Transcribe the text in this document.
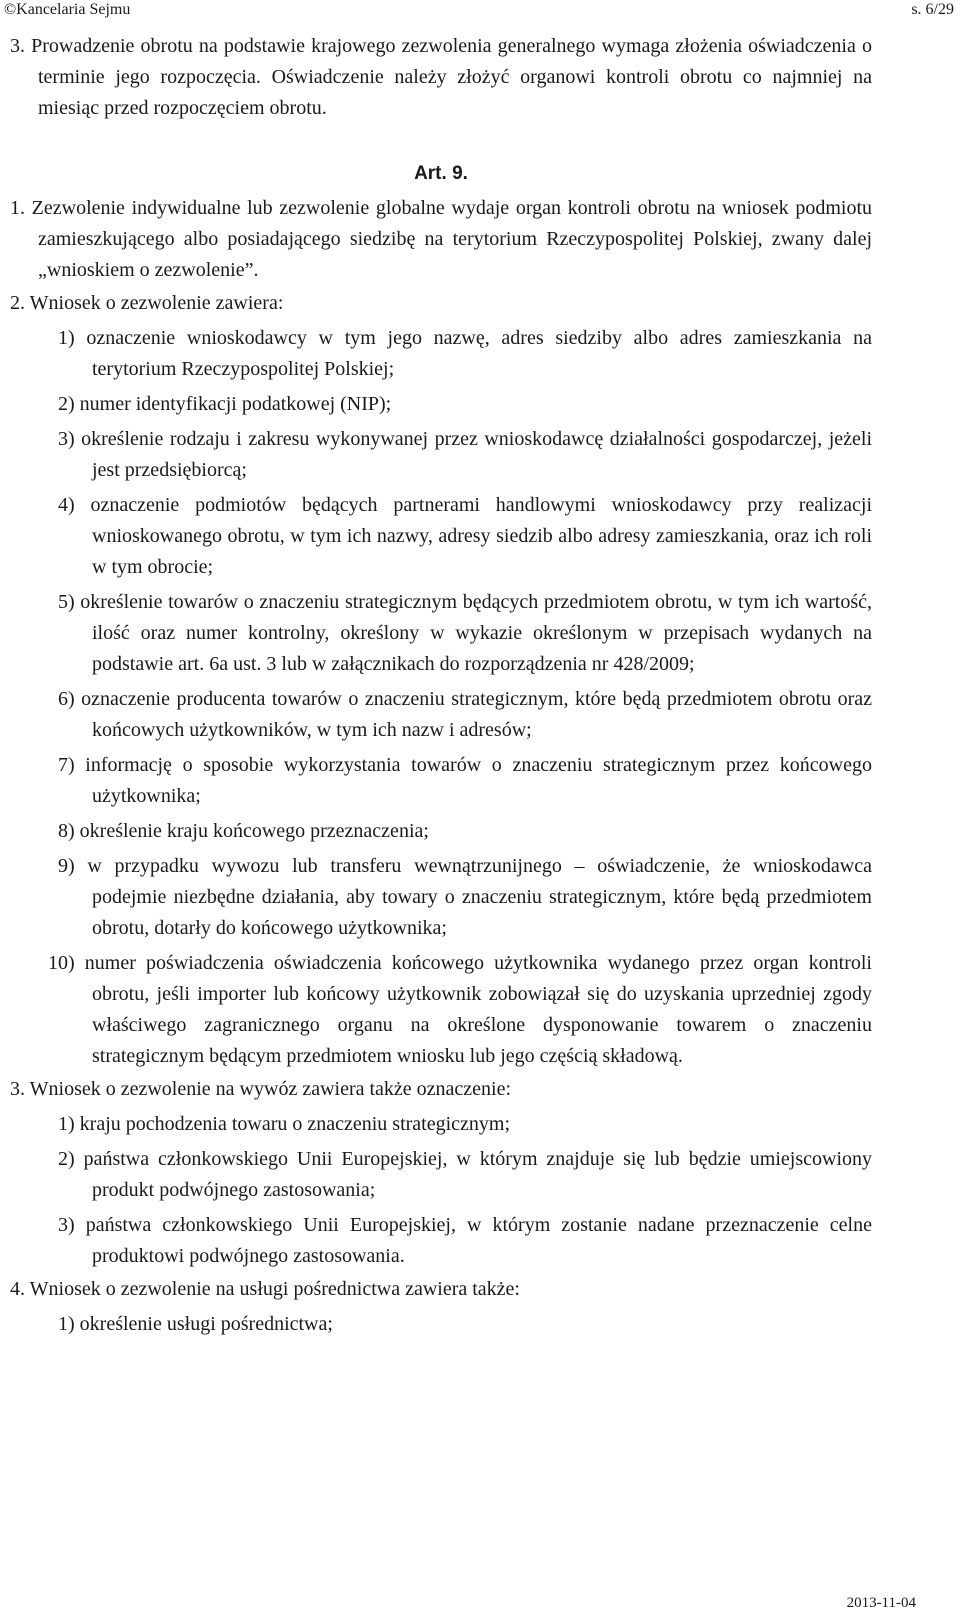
©Kancelaria Sejmu	s. 6/29
3. Prowadzenie obrotu na podstawie krajowego zezwolenia generalnego wymaga złożenia oświadczenia o terminie jego rozpoczęcia. Oświadczenie należy złożyć organowi kontroli obrotu co najmniej na miesiąc przed rozpoczęciem obrotu.
Art. 9.
1. Zezwolenie indywidualne lub zezwolenie globalne wydaje organ kontroli obrotu na wniosek podmiotu zamieszkującego albo posiadającego siedzibę na terytorium Rzeczypospolitej Polskiej, zwany dalej „wnioskiem o zezwolenie”.
2. Wniosek o zezwolenie zawiera:
1) oznaczenie wnioskodawcy w tym jego nazwę, adres siedziby albo adres zamieszkania na terytorium Rzeczypospolitej Polskiej;
2) numer identyfikacji podatkowej (NIP);
3) określenie rodzaju i zakresu wykonywanej przez wnioskodawcę działalności gospodarczej, jeżeli jest przedsiębiorcą;
4) oznaczenie podmiotów będących partnerami handlowymi wnioskodawcy przy realizacji wnioskowanego obrotu, w tym ich nazwy, adresy siedzib albo adresy zamieszkania, oraz ich roli w tym obrocie;
5) określenie towarów o znaczeniu strategicznym będących przedmiotem obrotu, w tym ich wartość, ilość oraz numer kontrolny, określony w wykazie określonym w przepisach wydanych na podstawie art. 6a ust. 3 lub w załącznikach do rozporządzenia nr 428/2009;
6) oznaczenie producenta towarów o znaczeniu strategicznym, które będą przedmiotem obrotu oraz końcowych użytkowników, w tym ich nazw i adresów;
7) informację o sposobie wykorzystania towarów o znaczeniu strategicznym przez końcowego użytkownika;
8) określenie kraju końcowego przeznaczenia;
9) w przypadku wywozu lub transferu wewnątrzunijnego – oświadczenie, że wnioskodawca podejmie niezbędne działania, aby towary o znaczeniu strategicznym, które będą przedmiotem obrotu, dotarły do końcowego użytkownika;
10) numer poświadczenia oświadczenia końcowego użytkownika wydanego przez organ kontroli obrotu, jeśli importer lub końcowy użytkownik zobowiązał się do uzyskania uprzedniej zgody właściwego zagranicznego organu na określone dysponowanie towarem o znaczeniu strategicznym będącym przedmiotem wniosku lub jego częścią składową.
3. Wniosek o zezwolenie na wywóz zawiera także oznaczenie:
1) kraju pochodzenia towaru o znaczeniu strategicznym;
2) państwa członkowskiego Unii Europejskiej, w którym znajduje się lub będzie umiejscowiony produkt podwójnego zastosowania;
3) państwa członkowskiego Unii Europejskiej, w którym zostanie nadane przeznaczenie celne produktowi podwójnego zastosowania.
4. Wniosek o zezwolenie na usługi pośrednictwa zawiera także:
1) określenie usługi pośrednictwa;
2013-11-04
